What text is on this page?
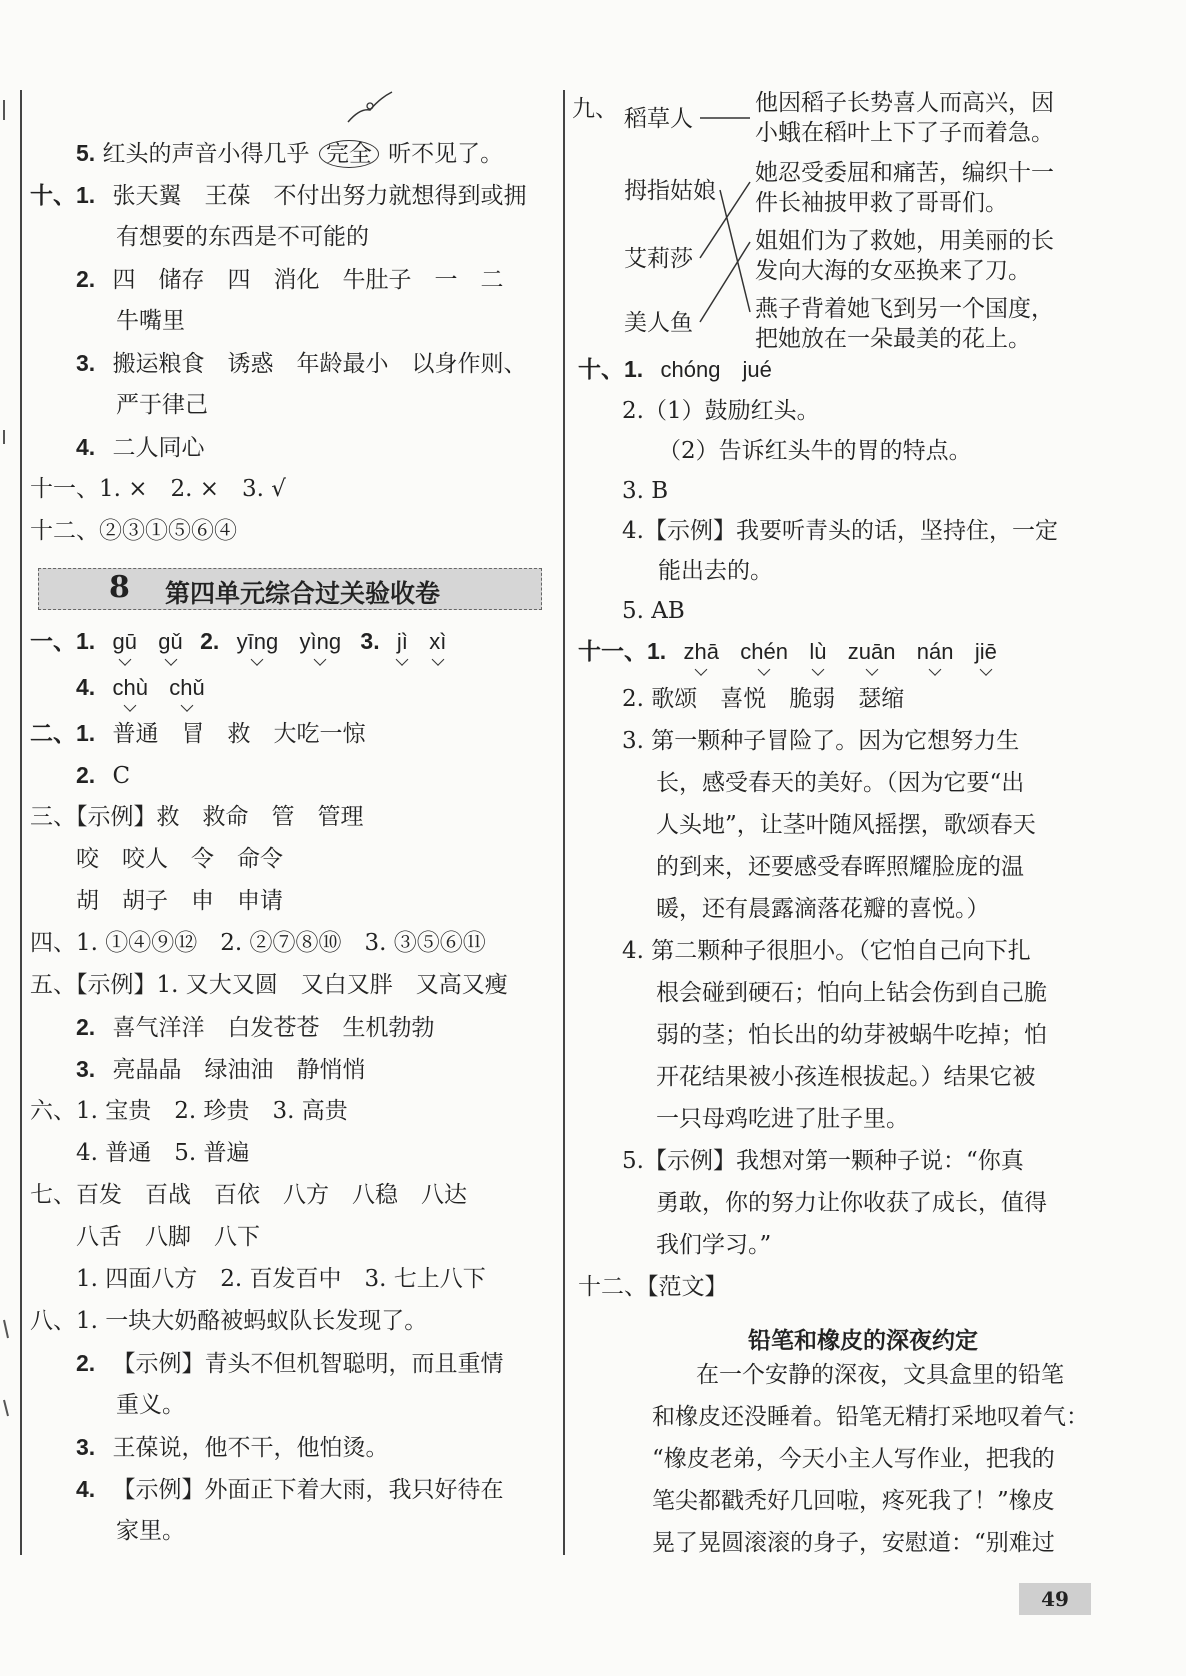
5. 红头的声音小得几乎 完全 听不见了。
十、1. 张天翼　王葆　不付出努力就想得到或拥
有想要的东西是不可能的
2. 四　储存　四　消化　牛肚子　一　二
牛嘴里
3. 搬运粮食　诱惑　年龄最小　以身作则、
严于律己
4. 二人同心
十一、1. ×　2. ×　3. √
十二、②③①⑤⑥④
8 第四单元综合过关验收卷
一、1. gū gǔ 2. yīng yìng 3. jì xì
4. chù chǔ
二、1. 普通　冒　救　大吃一惊
2. C
三、【示例】救　救命　管　管理
咬　咬人　令　命令
胡　胡子　申　申请
四、1. ①④⑨⑫　2. ②⑦⑧⑩　3. ③⑤⑥⑪
五、【示例】1. 又大又圆　又白又胖　又高又瘦
2. 喜气洋洋　白发苍苍　生机勃勃
3. 亮晶晶　绿油油　静悄悄
六、1. 宝贵　2. 珍贵　3. 高贵
4. 普通　5. 普遍
七、百发　百战　百依　八方　八稳　八达
八舌　八脚　八下
1. 四面八方　2. 百发百中　3. 七上八下
八、1. 一块大奶酪被蚂蚁队长发现了。
2. 【示例】青头不但机智聪明，而且重情
重义。
3. 王葆说，他不干，他怕烫。
4. 【示例】外面正下着大雨，我只好待在
家里。
九、 稻草人
拇指姑娘
艾莉莎
美人鱼
他因稻子长势喜人而高兴，因
小蛾在稻叶上下了子而着急。
她忍受委屈和痛苦，编织十一
件长袖披甲救了哥哥们。
姐姐们为了救她，用美丽的长
发向大海的女巫换来了刀。
燕子背着她飞到另一个国度，
把她放在一朵最美的花上。
十、1. chóng　jué
2.（1）鼓励红头。
（2）告诉红头牛的胃的特点。
3. B
4.【示例】我要听青头的话，坚持住，一定
能出去的。
5. AB
十一、1. zhā chén lù zuān nán jiē
2. 歌颂　喜悦　脆弱　瑟缩
3. 第一颗种子冒险了。因为它想努力生
长，感受春天的美好。（因为它要“出
人头地”，让茎叶随风摇摆，歌颂春天
的到来，还要感受春晖照耀脸庞的温
暖，还有晨露滴落花瓣的喜悦。）
4. 第二颗种子很胆小。（它怕自己向下扎
根会碰到硬石；怕向上钻会伤到自己脆
弱的茎；怕长出的幼芽被蜗牛吃掉；怕
开花结果被小孩连根拔起。）结果它被
一只母鸡吃进了肚子里。
5.【示例】我想对第一颗种子说：“你真
勇敢，你的努力让你收获了成长，值得
我们学习。”
十二、【范文】
铅笔和橡皮的深夜约定
在一个安静的深夜，文具盒里的铅笔
和橡皮还没睡着。铅笔无精打采地叹着气：
“橡皮老弟，今天小主人写作业，把我的
笔尖都戳秃好几回啦，疼死我了！”橡皮
晃了晃圆滚滚的身子，安慰道：“别难过
49
